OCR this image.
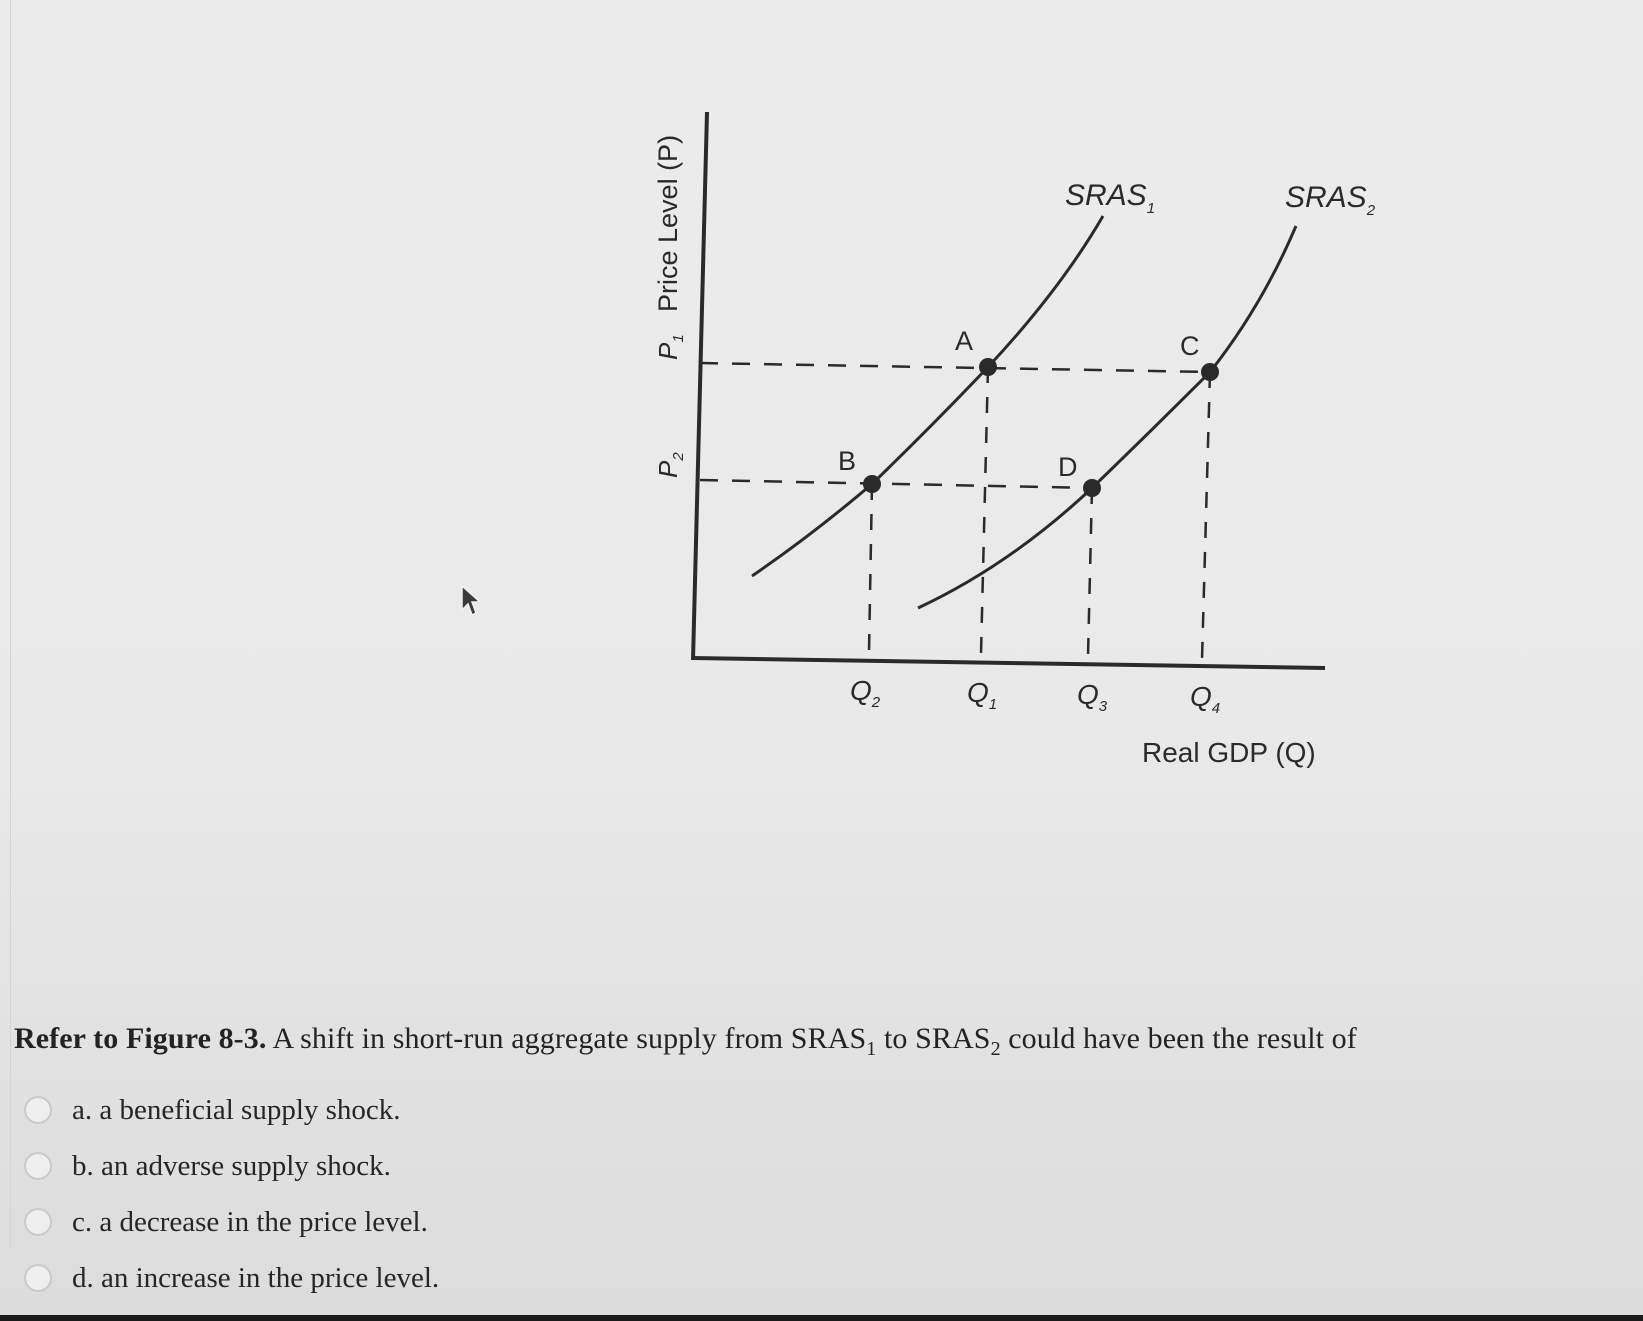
Price Level (P)
$P_1$
$P_2$
$SRAS_1$	$SRAS_2$
A
B
C
D
$Q_2$	$Q_1$	$Q_3$	$Q_4$
Real GDP (Q)
Refer to Figure 8-3. A shift in short-run aggregate supply from $SRAS_1$ to $SRAS_2$ could have been the result of
a. a beneficial supply shock.
b. an adverse supply shock.
c. a decrease in the price level.
d. an increase in the price level.
